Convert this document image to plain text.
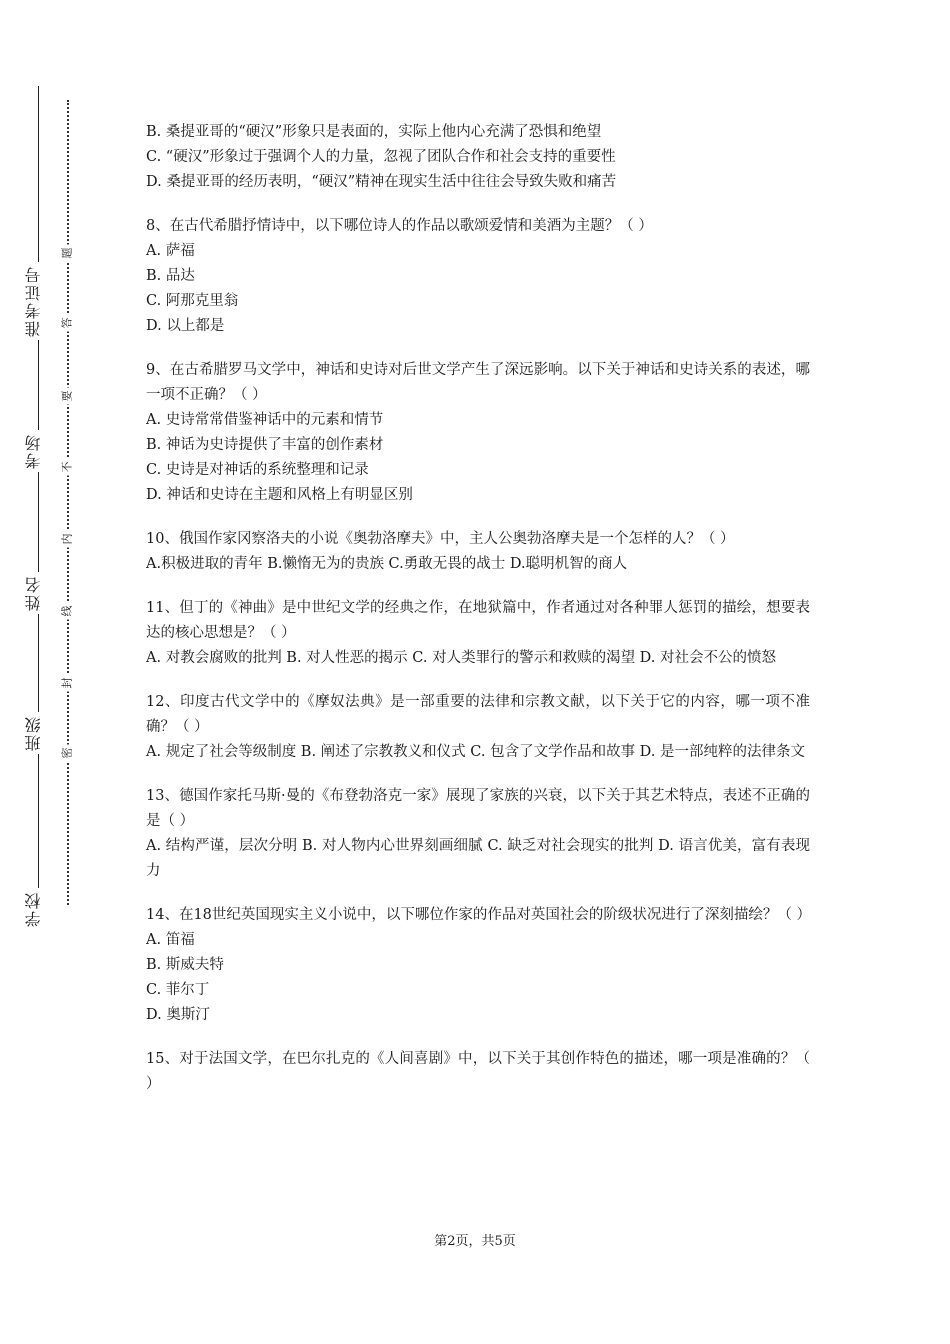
学校
班级
姓名
考场
准考证号
题
答
要
不
内
线
封
密
B. 桑提亚哥的“硬汉”形象只是表面的，实际上他内心充满了恐惧和绝望
C. “硬汉”形象过于强调个人的力量，忽视了团队合作和社会支持的重要性
D. 桑提亚哥的经历表明，“硬汉”精神在现实生活中往往会导致失败和痛苦
8、在古代希腊抒情诗中，以下哪位诗人的作品以歌颂爱情和美酒为主题？（ ）
A. 萨福
B. 品达
C. 阿那克里翁
D. 以上都是
9、在古希腊罗马文学中，神话和史诗对后世文学产生了深远影响。以下关于神话和史诗关系的表述，哪一项不正确？（ ）
A. 史诗常常借鉴神话中的元素和情节
B. 神话为史诗提供了丰富的创作素材
C. 史诗是对神话的系统整理和记录
D. 神话和史诗在主题和风格上有明显区别
10、俄国作家冈察洛夫的小说《奥勃洛摩夫》中，主人公奥勃洛摩夫是一个怎样的人？（ ）
A.积极进取的青年 B.懒惰无为的贵族 C.勇敢无畏的战士 D.聪明机智的商人
11、但丁的《神曲》是中世纪文学的经典之作，在地狱篇中，作者通过对各种罪人惩罚的描绘，想要表达的核心思想是？（ ）
A. 对教会腐败的批判 B. 对人性恶的揭示 C. 对人类罪行的警示和救赎的渴望 D. 对社会不公的愤怒
12、印度古代文学中的《摩奴法典》是一部重要的法律和宗教文献，以下关于它的内容，哪一项不准确？（ ）
A. 规定了社会等级制度 B. 阐述了宗教教义和仪式 C. 包含了文学作品和故事 D. 是一部纯粹的法律条文
13、德国作家托马斯·曼的《布登勃洛克一家》展现了家族的兴衰，以下关于其艺术特点，表述不正确的是（ ）
A. 结构严谨，层次分明 B. 对人物内心世界刻画细腻 C. 缺乏对社会现实的批判 D. 语言优美，富有表现力
14、在18世纪英国现实主义小说中，以下哪位作家的作品对英国社会的阶级状况进行了深刻描绘？（ ）
A. 笛福
B. 斯威夫特
C. 菲尔丁
D. 奥斯汀
15、对于法国文学，在巴尔扎克的《人间喜剧》中，以下关于其创作特色的描述，哪一项是准确的？（ ）
第2页，共5页
